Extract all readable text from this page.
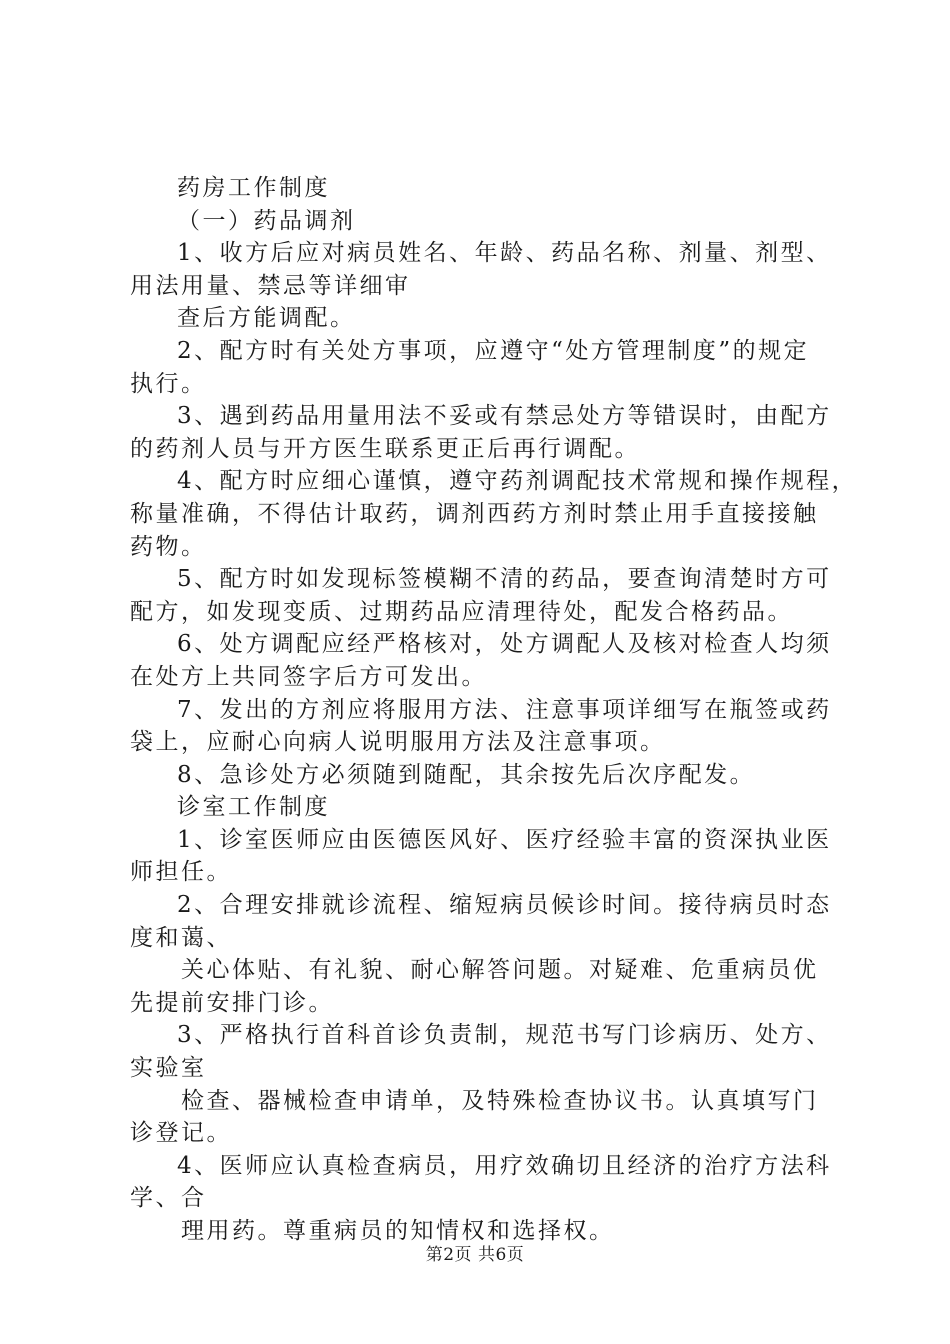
药房工作制度
（一）药品调剂
1、收方后应对病员姓名、年龄、药品名称、剂量、剂型、
用法用量、禁忌等详细审
查后方能调配。
2、配方时有关处方事项，应遵守“处方管理制度”的规定
执行。
3、遇到药品用量用法不妥或有禁忌处方等错误时，由配方
的药剂人员与开方医生联系更正后再行调配。
4、配方时应细心谨慎，遵守药剂调配技术常规和操作规程，
称量准确，不得估计取药，调剂西药方剂时禁止用手直接接触
药物。
5、配方时如发现标签模糊不清的药品，要查询清楚时方可
配方，如发现变质、过期药品应清理待处，配发合格药品。
6、处方调配应经严格核对，处方调配人及核对检查人均须
在处方上共同签字后方可发出。
7、发出的方剂应将服用方法、注意事项详细写在瓶签或药
袋上，应耐心向病人说明服用方法及注意事项。
8、急诊处方必须随到随配，其余按先后次序配发。
诊室工作制度
1、诊室医师应由医德医风好、医疗经验丰富的资深执业医
师担任。
2、合理安排就诊流程、缩短病员候诊时间。接待病员时态
度和蔼、
关心体贴、有礼貌、耐心解答问题。对疑难、危重病员优
先提前安排门诊。
3、严格执行首科首诊负责制，规范书写门诊病历、处方、
实验室
检查、器械检查申请单，及特殊检查协议书。认真填写门
诊登记。
4、医师应认真检查病员，用疗效确切且经济的治疗方法科
学、合
理用药。尊重病员的知情权和选择权。
第2页 共6页
